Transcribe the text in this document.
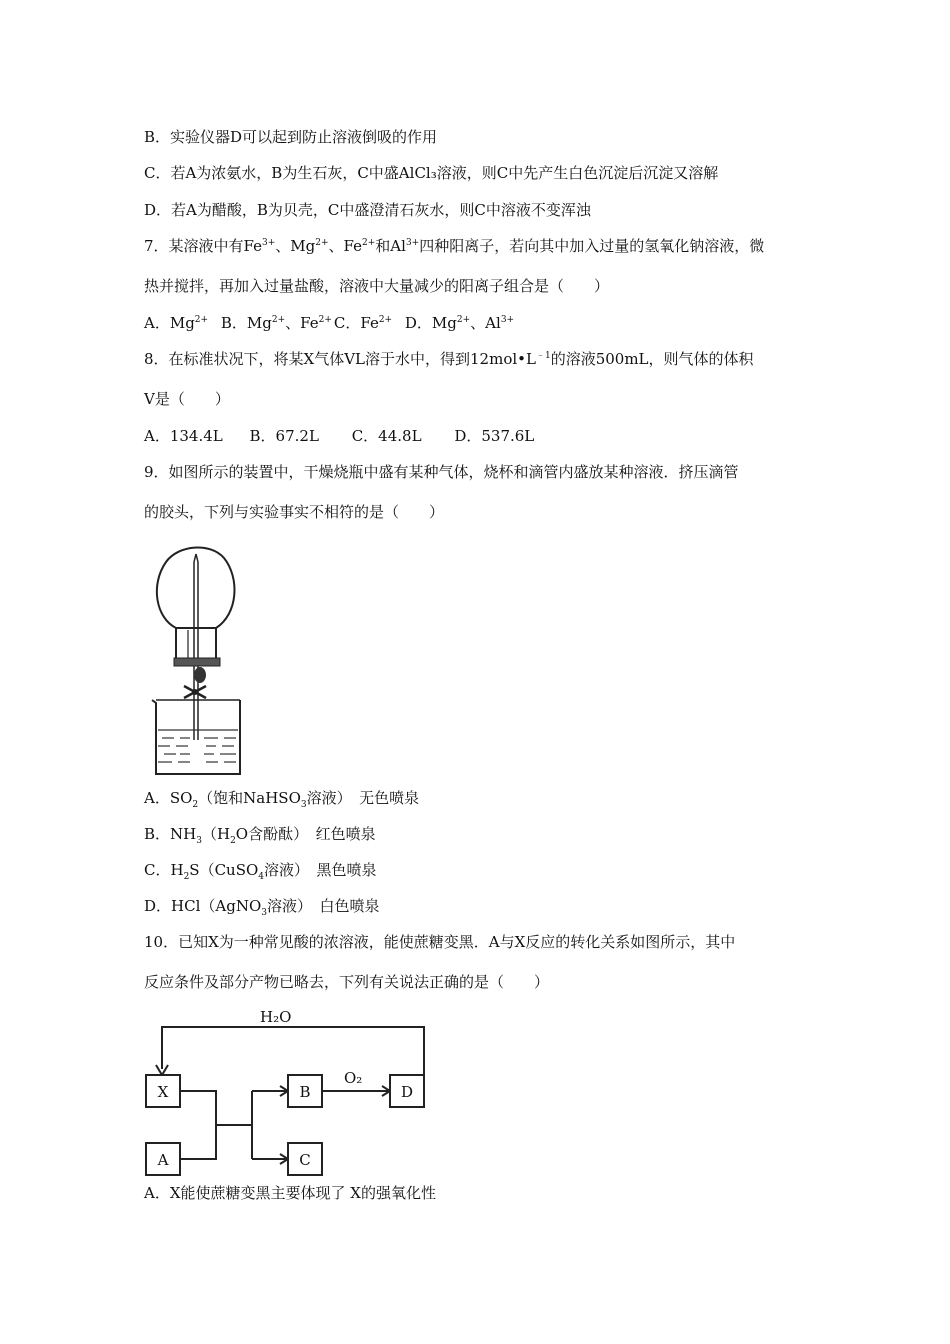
B．实验仪器D可以起到防止溶液倒吸的作用
C．若A为浓氨水，B为生石灰，C中盛AlCl₃溶液，则C中先产生白色沉淀后沉淀又溶解
D．若A为醋酸，B为贝壳，C中盛澄清石灰水，则C中溶液不变浑浊
7．某溶液中有$Fe^{3+}$、$Mg^{2+}$、$Fe^{2+}$和$Al^{3+}$四种阳离子，若向其中加入过量的氢氧化钠溶液，微
热并搅拌，再加入过量盐酸，溶液中大量减少的阳离子组合是（　　）
A．$Mg^{2+}$ B．$Mg^{2+}$、$Fe^{2+}$ C．$Fe^{2+}$ D．$Mg^{2+}$、$Al^{3+}$
8．在标准状况下，将某X气体VL溶于水中，得到$12mol•L^{﹣1}$的溶液500mL，则气体的体积
V是（　　）
A．134.4L B．67.2L C．44.8L D．537.6L
9．如图所示的装置中，干燥烧瓶中盛有某种气体，烧杯和滴管内盛放某种溶液．挤压滴管
的胶头，下列与实验事实不相符的是（　　）
A．$SO_2$（饱和NaHSO$_3$溶液）　无色喷泉
B．$NH_3(H_2O$含酚酞）　红色喷泉
C．$H_2S(CuSO_4$溶液）　黑色喷泉
D．HCl（AgNO$_3$溶液）　白色喷泉
10．已知X为一种常见酸的浓溶液，能使蔗糖变黑．A与X反应的转化关系如图所示，其中
反应条件及部分产物已略去，下列有关说法正确的是（　　）
H₂O
X
A
B
C
O₂
D
A．X能使蔗糖变黑主要体现了 X的强氧化性
